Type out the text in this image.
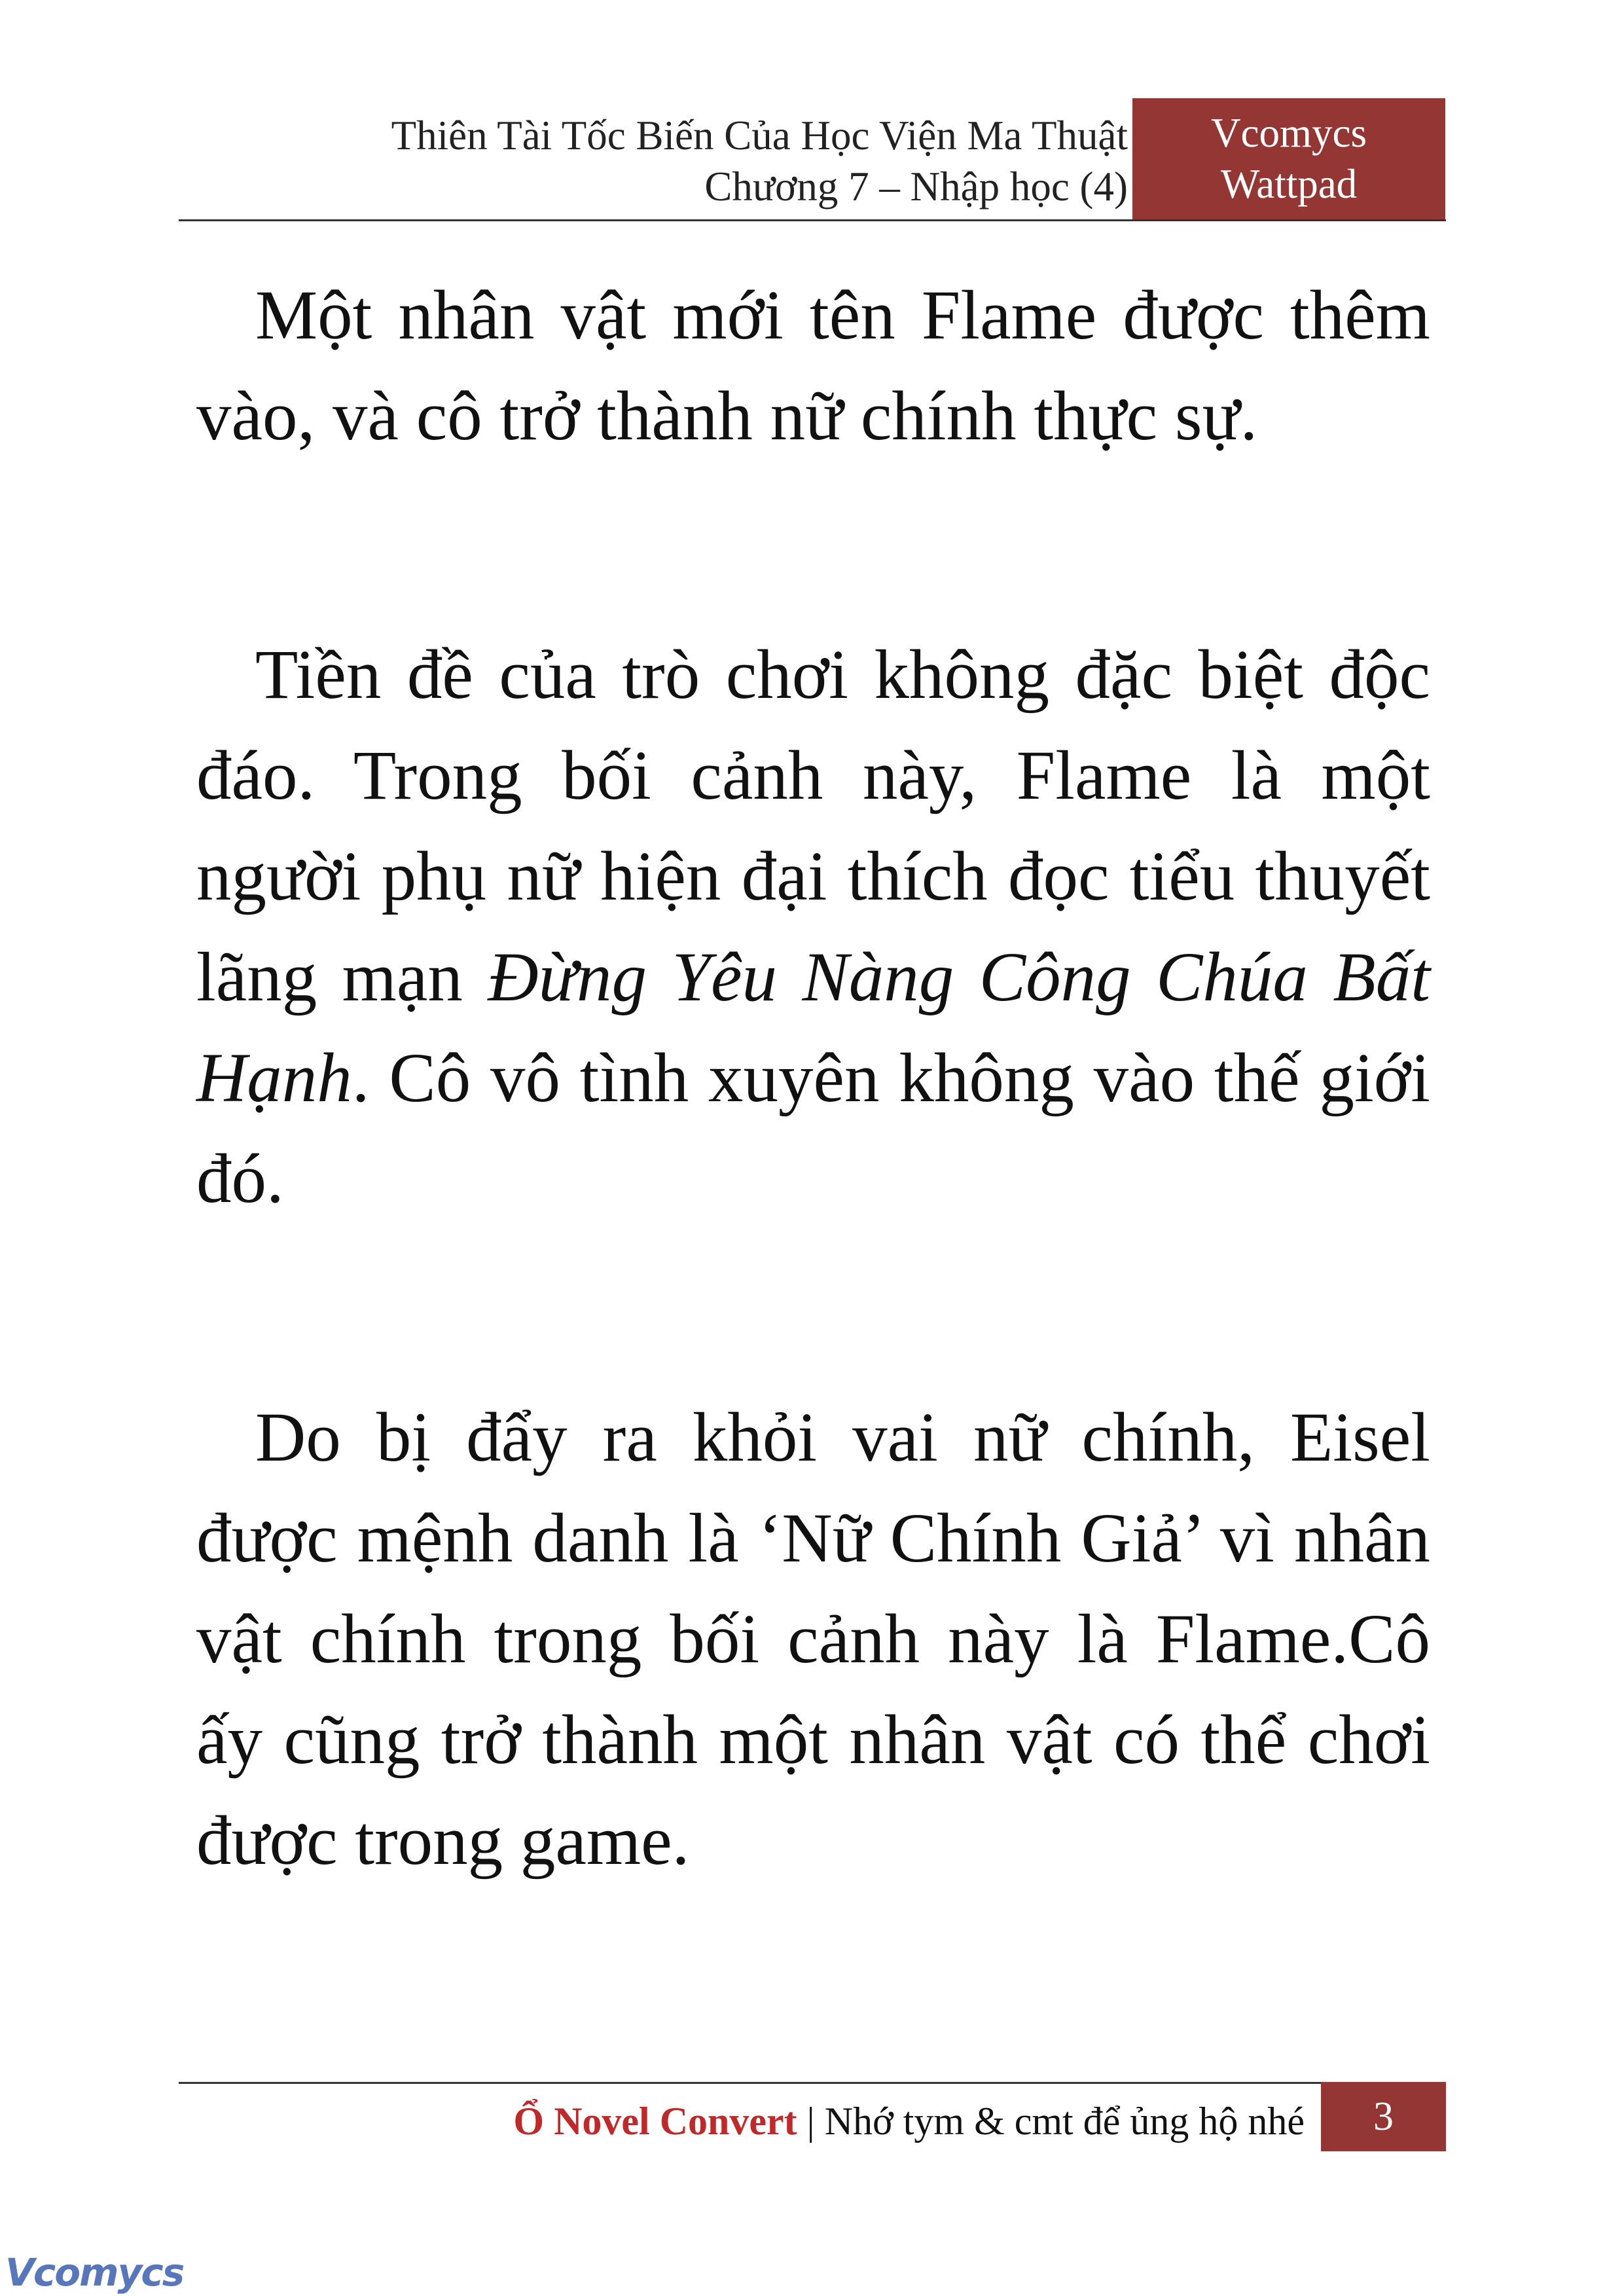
Thiên Tài Tốc Biến Của Học Viện Ma Thuật
Chương 7 – Nhập học (4)
Vcomycs
Wattpad

Một nhân vật mới tên Flame được thêm vào, và cô trở thành nữ chính thực sự.

Tiền đề của trò chơi không đặc biệt độc đáo. Trong bối cảnh này, Flame là một người phụ nữ hiện đại thích đọc tiểu thuyết lãng mạn Đừng Yêu Nàng Công Chúa Bất Hạnh. Cô vô tình xuyên không vào thế giới đó.

Do bị đẩy ra khỏi vai nữ chính, Eisel được mệnh danh là ‘Nữ Chính Giả’ vì nhân vật chính trong bối cảnh này là Flame.Cô ấy cũng trở thành một nhân vật có thể chơi được trong game.

Ổ Novel Convert | Nhớ tym & cmt để ủng hộ nhé	3
Vcomycs
